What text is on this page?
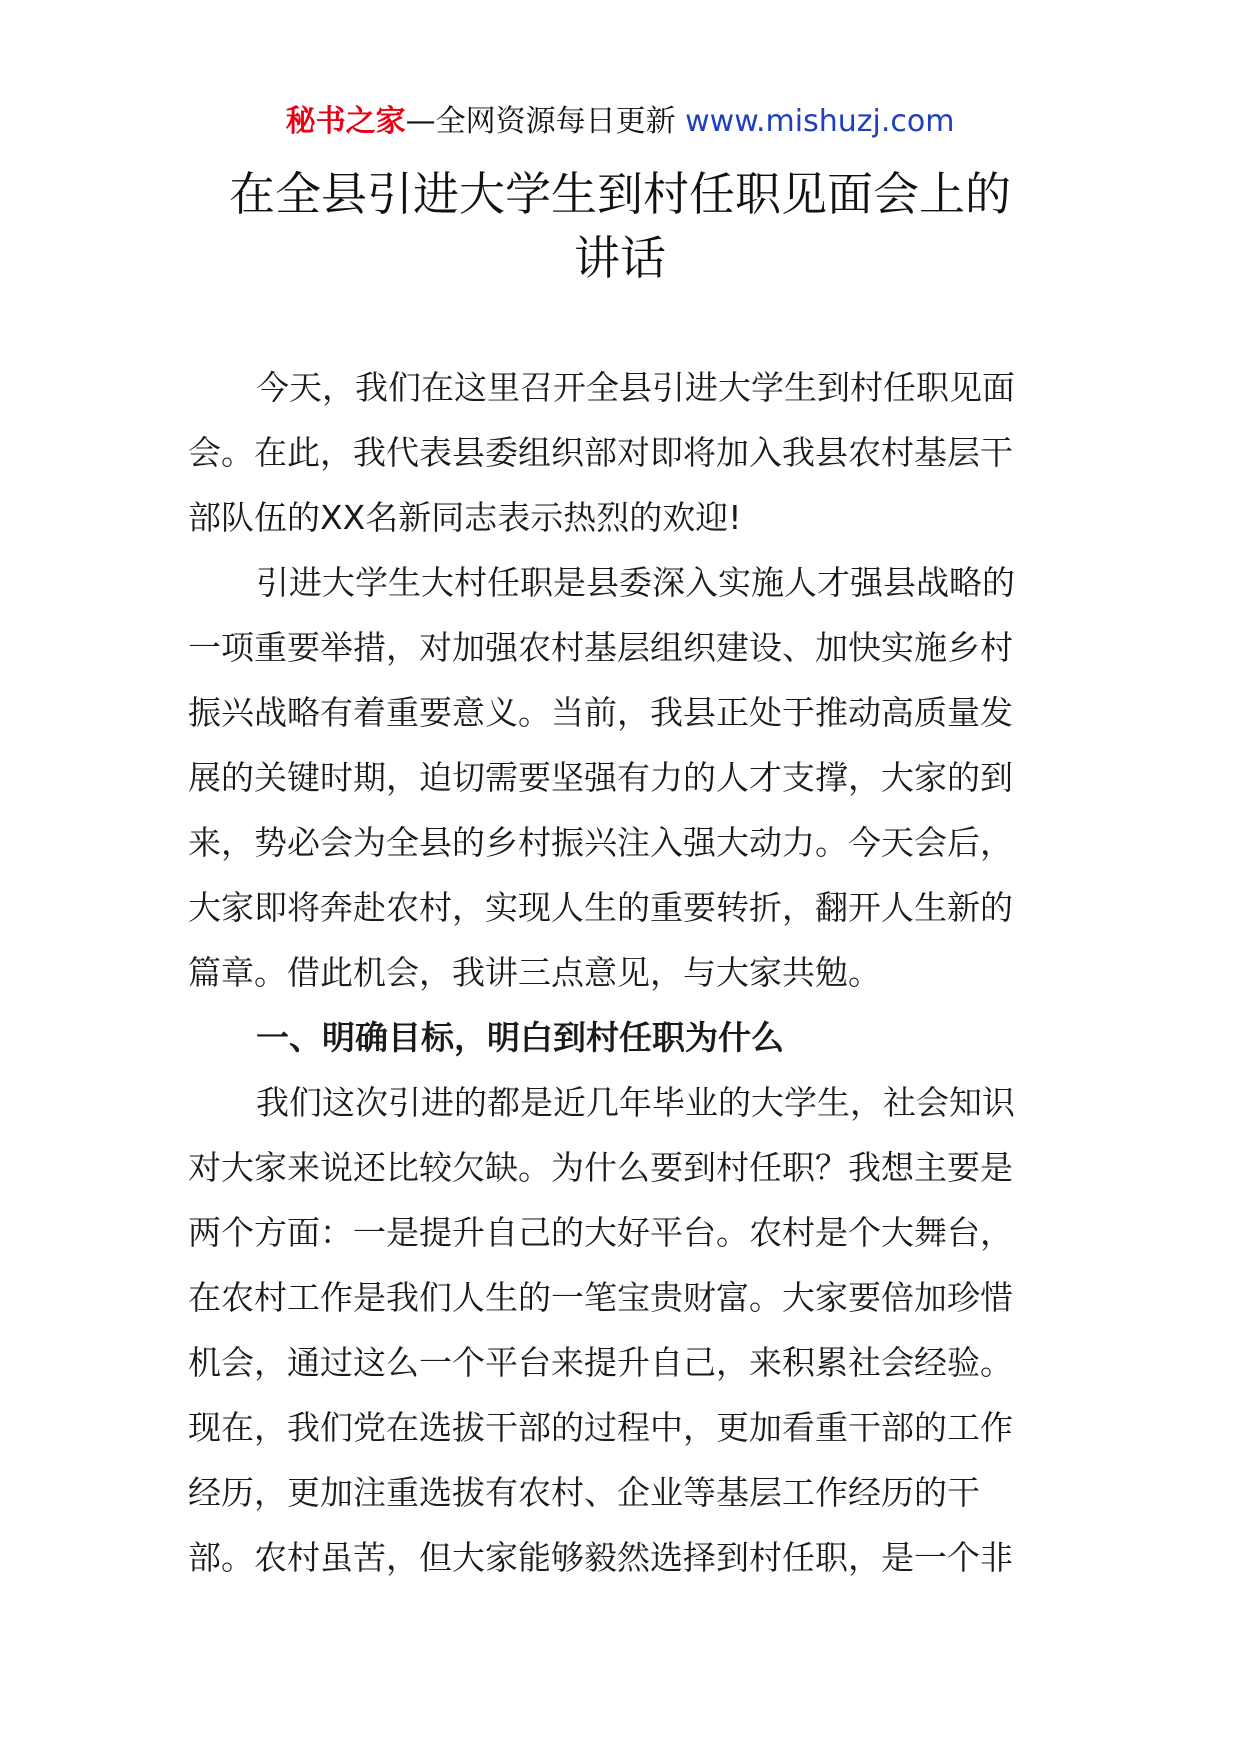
秘书之家—全网资源每日更新 www.mishuzj.com
在全县引进大学生到村任职见面会上的
讲话

今天，我们在这里召开全县引进大学生到村任职见面
会。在此，我代表县委组织部对即将加入我县农村基层干
部队伍的XX名新同志表示热烈的欢迎!

引进大学生大村任职是县委深入实施人才强县战略的
一项重要举措，对加强农村基层组织建设、加快实施乡村
振兴战略有着重要意义。当前，我县正处于推动高质量发
展的关键时期，迫切需要坚强有力的人才支撑，大家的到
来，势必会为全县的乡村振兴注入强大动力。今天会后，
大家即将奔赴农村，实现人生的重要转折，翻开人生新的
篇章。借此机会，我讲三点意见，与大家共勉。

一、明确目标，明白到村任职为什么

我们这次引进的都是近几年毕业的大学生，社会知识
对大家来说还比较欠缺。为什么要到村任职？我想主要是
两个方面：一是提升自己的大好平台。农村是个大舞台，
在农村工作是我们人生的一笔宝贵财富。大家要倍加珍惜
机会，通过这么一个平台来提升自己，来积累社会经验。
现在，我们党在选拔干部的过程中，更加看重干部的工作
经历，更加注重选拔有农村、企业等基层工作经历的干
部。农村虽苦，但大家能够毅然选择到村任职，是一个非
